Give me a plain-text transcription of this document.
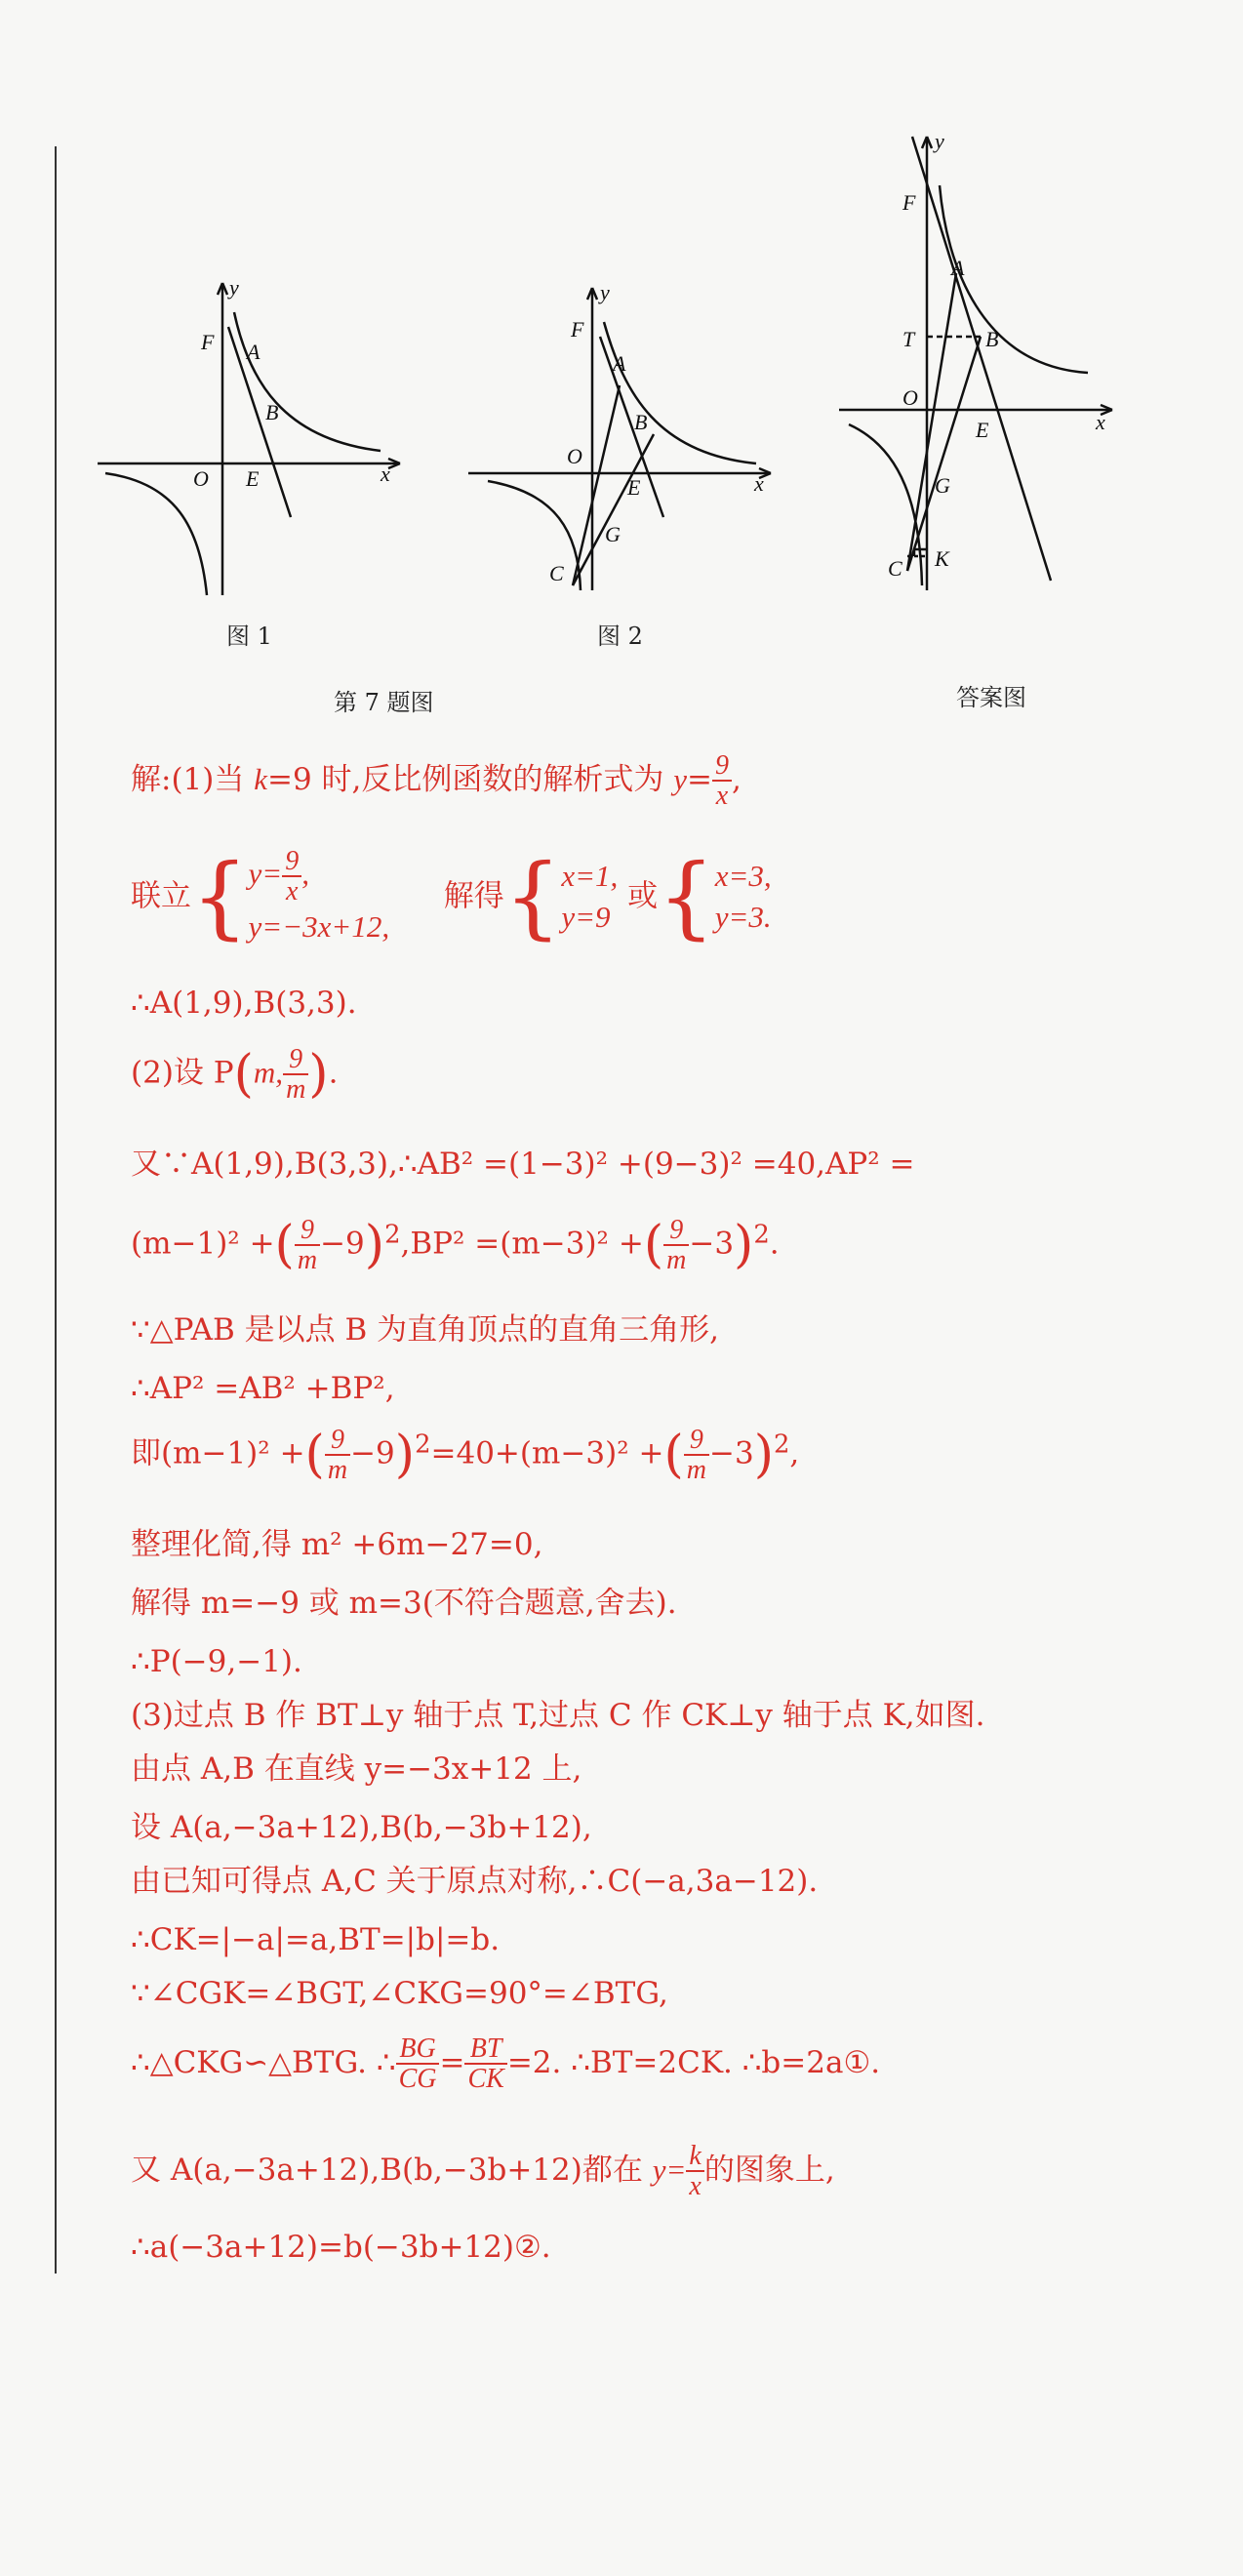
y
x
O E
F A
B
图 1
y
x
O
E
F
A
B
C
G
图 2
第 7 题图
y
x
O
E
F
A
B
T
G
C K
答案图
解:(1)当 k=9 时,反比例函数的解析式为 $y= \frac{9}{x}$ ,
联立{ $y= \frac{9}{x}$ ,
y=−3x+12,
解得{ x=1,
y=9
或{ x=3,
y=3.
∴A(1,9),B(3,3).
(2)设 P(m, $\frac{9}{m}$ ).
又∵A(1,9),B(3,3),∴AB² =(1−3)² +(9−3)² =40,AP² =
(m−1)² +( $\frac{9}{m} -9)^2,BP^2 =(m-3)^2$ +( $\frac{9}{m} -3)^2$.
∵△PAB 是以点 B 为直角顶点的直角三角形,
∴AP² =AB² +BP²,
即(m−1)² +( $\frac{9}{m} -9)^2=40+(m-3)^2$ +( $\frac{9}{m} -3)^2$,
整理化简,得 m² +6m−27=0,
解得 m=−9 或 m=3(不符合题意,舍去).
∴P(−9,−1).
(3)过点 B 作 BT⊥y 轴于点 T,过点 C 作 CK⊥y 轴于点 K,如图.
由点 A,B 在直线 y=−3x+12 上,
设 A(a,−3a+12),B(b,−3b+12),
由已知可得点 A,C 关于原点对称,∴C(−a,3a−12).
∴CK=|−a|=a,BT=|b|=b.
∵∠CGK=∠BGT,∠CKG=90°=∠BTG,
∴△CKG∽△BTG. ∴ $\frac{BG}{CG} = \frac{BT}{CK} =2$. ∴BT=2CK. ∴b=2a①.
又 A(a,−3a+12),B(b,−3b+12)都在 $y= \frac{k}{x}$ 的图象上,
∴a(−3a+12)=b(−3b+12)②.
